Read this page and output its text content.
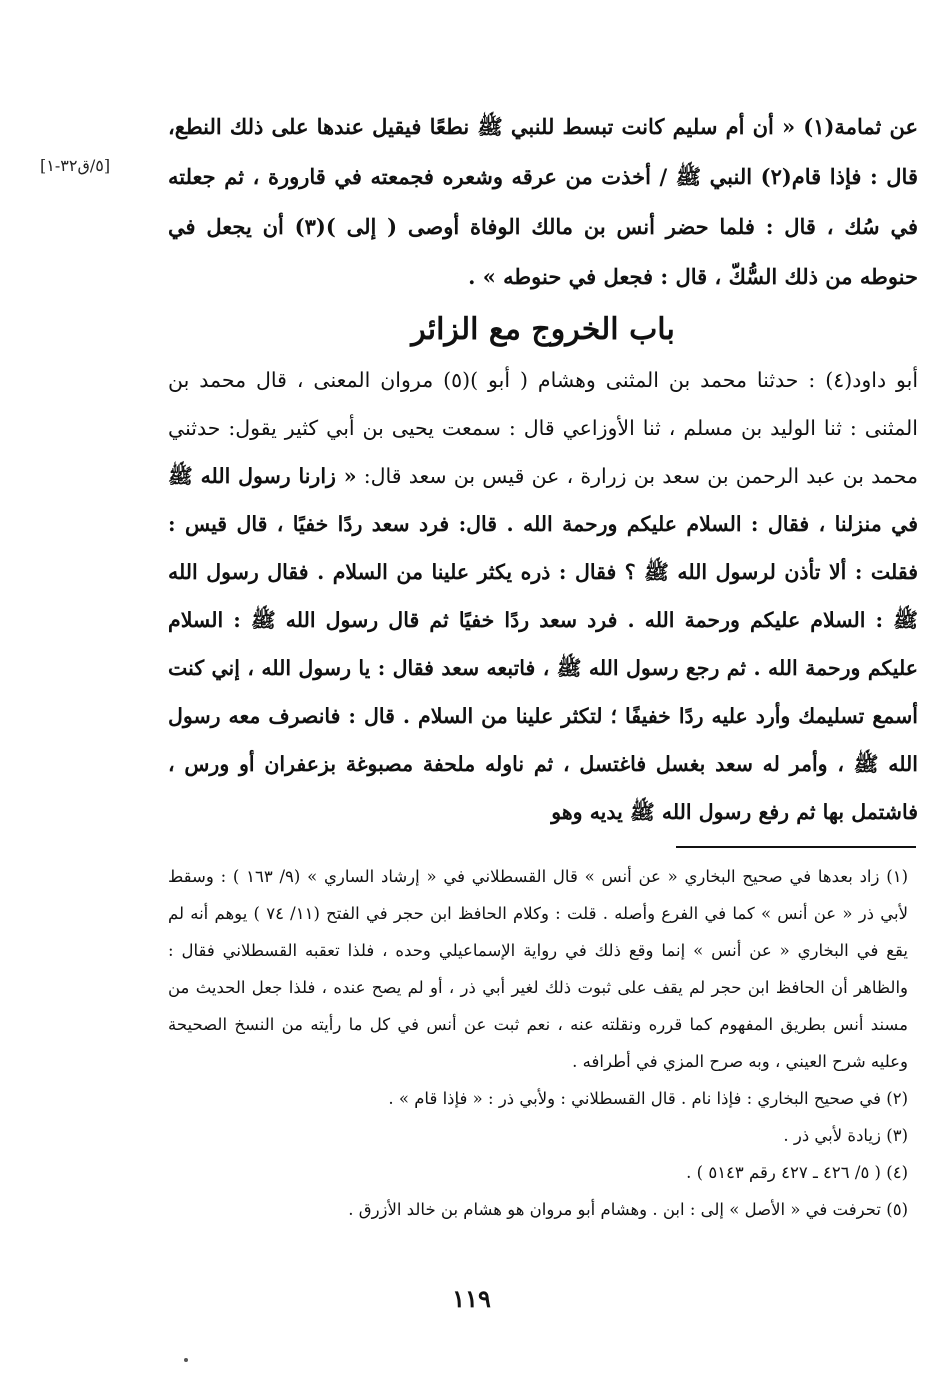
[٥/ق٣٢-١]

عن ثمامة(١) « أن أم سليم كانت تبسط للنبي ﷺ نطعًا فيقيل عندها على ذلك النطع، قال : فإذا قام(٢) النبي ﷺ / أخذت من عرقه وشعره فجمعته في قارورة ، ثم جعلته في سُك ، قال : فلما حضر أنس بن مالك الوفاة أوصى ( إلى )(٣) أن يجعل في حنوطه من ذلك السُّكّ ، قال : فجعل في حنوطه » .

باب الخروج مع الزائر

أبو داود(٤) : حدثنا محمد بن المثنى وهشام ( أبو )(٥) مروان المعنى ، قال محمد بن المثنى : ثنا الوليد بن مسلم ، ثنا الأوزاعي قال : سمعت يحيى بن أبي كثير يقول: حدثني محمد بن عبد الرحمن بن سعد بن زرارة ، عن قيس بن سعد قال: « زارنا رسول الله ﷺ في منزلنا ، فقال : السلام عليكم ورحمة الله . قال: فرد سعد ردًا خفيًا ، قال قيس : فقلت : ألا تأذن لرسول الله ﷺ ؟ فقال : ذره يكثر علينا من السلام . فقال رسول الله ﷺ : السلام عليكم ورحمة الله . فرد سعد ردًا خفيًا ثم قال رسول الله ﷺ : السلام عليكم ورحمة الله . ثم رجع رسول الله ﷺ ، فاتبعه سعد فقال : يا رسول الله ، إني كنت أسمع تسليمك وأرد عليه ردًا خفيفًا ؛ لتكثر علينا من السلام . قال : فانصرف معه رسول الله ﷺ ، وأمر له سعد بغسل فاغتسل ، ثم ناوله ملحفة مصبوغة بزعفران أو ورس ، فاشتمل بها ثم رفع رسول الله ﷺ يديه وهو

(١) زاد بعدها في صحيح البخاري « عن أنس » قال القسطلاني في « إرشاد الساري » (٩/ ١٦٣ ) : وسقط لأبي ذر « عن أنس » كما في الفرع وأصله . قلت : وكلام الحافظ ابن حجر في الفتح (١١/ ٧٤ ) يوهم أنه لم يقع في البخاري « عن أنس » إنما وقع ذلك في رواية الإسماعيلي وحده ، فلذا تعقبه القسطلاني فقال : والظاهر أن الحافظ ابن حجر لم يقف على ثبوت ذلك لغير أبي ذر ، أو لم يصح عنده ، فلذا جعل الحديث من مسند أنس بطريق المفهوم كما قرره ونقلته عنه ، نعم ثبت عن أنس في كل ما رأيته من النسخ الصحيحة وعليه شرح العيني ، وبه صرح المزي في أطرافه .

(٢) في صحيح البخاري : فإذا نام . قال القسطلاني : ولأبي ذر : « فإذا قام » .

(٣) زيادة لأبي ذر .

(٤) ( ٥/ ٤٢٦ ـ ٤٢٧ رقم ٥١٤٣ ) .

(٥) تحرفت في « الأصل » إلى : ابن . وهشام أبو مروان هو هشام بن خالد الأزرق .

١١٩
